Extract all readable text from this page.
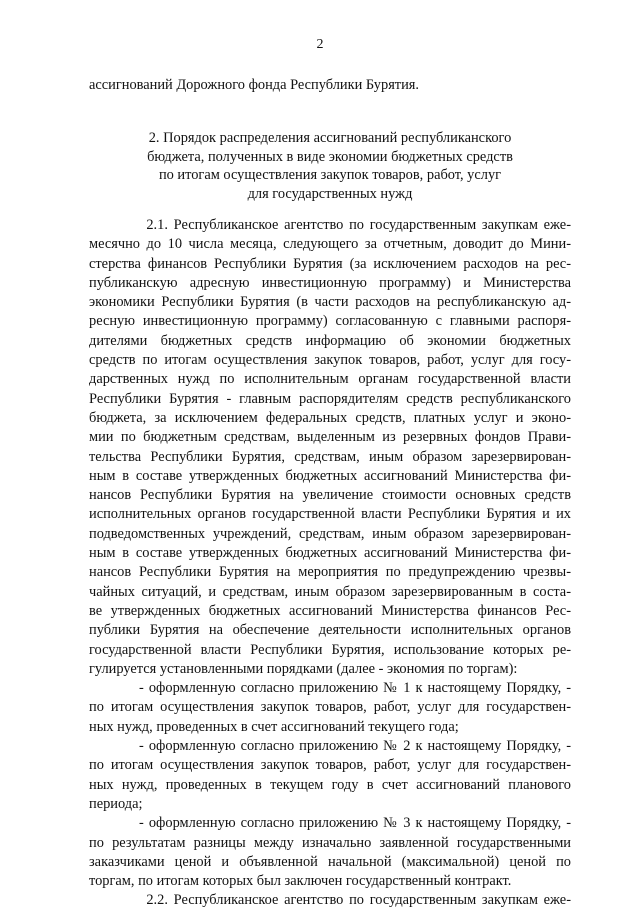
2
ассигнований Дорожного фонда Республики Бурятия.
2. Порядок распределения ассигнований республиканского
бюджета, полученных в виде экономии бюджетных средств
по итогам осуществления закупок товаров, работ, услуг
для государственных нужд
2.1. Республиканское агентство по государственным закупкам еже-
месячно до 10 числа месяца, следующего за отчетным, доводит до Мини-
стерства финансов Республики Бурятия (за исключением расходов на рес-
публиканскую адресную инвестиционную программу) и Министерства
экономики Республики Бурятия (в части расходов на республиканскую ад-
ресную инвестиционную программу) согласованную с главными распоря-
дителями бюджетных средств информацию об экономии бюджетных
средств по итогам осуществления закупок товаров, работ, услуг для госу-
дарственных нужд по исполнительным органам государственной власти
Республики Бурятия - главным распорядителям средств республиканского
бюджета, за исключением федеральных средств, платных услуг и эконо-
мии по бюджетным средствам, выделенным из резервных фондов Прави-
тельства Республики Бурятия, средствам, иным образом зарезервирован-
ным в составе утвержденных бюджетных ассигнований Министерства фи-
нансов Республики Бурятия на увеличение стоимости основных средств
исполнительных органов государственной власти Республики Бурятия и их
подведомственных учреждений, средствам, иным образом зарезервирован-
ным в составе утвержденных бюджетных ассигнований Министерства фи-
нансов Республики Бурятия на мероприятия по предупреждению чрезвы-
чайных ситуаций, и средствам, иным образом зарезервированным в соста-
ве утвержденных бюджетных ассигнований Министерства финансов Рес-
публики Бурятия на обеспечение деятельности исполнительных органов
государственной власти Республики Бурятия, использование которых ре-
гулируется установленными порядками (далее - экономия по торгам):
- оформленную согласно приложению № 1 к настоящему Порядку, -
по итогам осуществления закупок товаров, работ, услуг для государствен-
ных нужд, проведенных в счет ассигнований текущего года;
- оформленную согласно приложению № 2 к настоящему Порядку, -
по итогам осуществления закупок товаров, работ, услуг для государствен-
ных нужд, проведенных в текущем году в счет ассигнований планового
периода;
- оформленную согласно приложению № 3 к настоящему Порядку, -
по результатам разницы между изначально заявленной государственными
заказчиками ценой и объявленной начальной (максимальной) ценой по
торгам, по итогам которых был заключен государственный контракт.
2.2. Республиканское агентство по государственным закупкам еже-
